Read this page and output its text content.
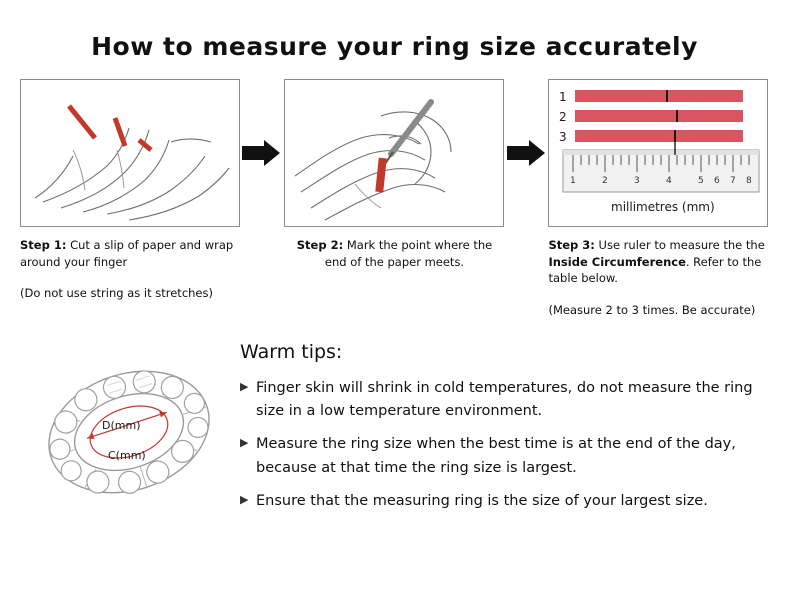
How to measure your ring size accurately
Step 1: Cut a slip of paper and wrap around your finger
(Do not use string as it stretches)
Step 2: Mark the point where the end of the paper meets.
1
2
3
1	2	3	4	5 6 7 8
millimetres (mm)
Step 3: Use ruler to measure the the Inside Circumference. Refer to the table below.
(Measure 2 to 3 times. Be accurate)
D(mm)
C(mm)
Warm tips:
▶ Finger skin will shrink in cold temperatures, do not measure the ring size in a low temperature environment.
▶ Measure the ring size when the best time is at the end of the day, because at that time the ring size is largest.
▶ Ensure that the measuring ring is the size of your largest size.
